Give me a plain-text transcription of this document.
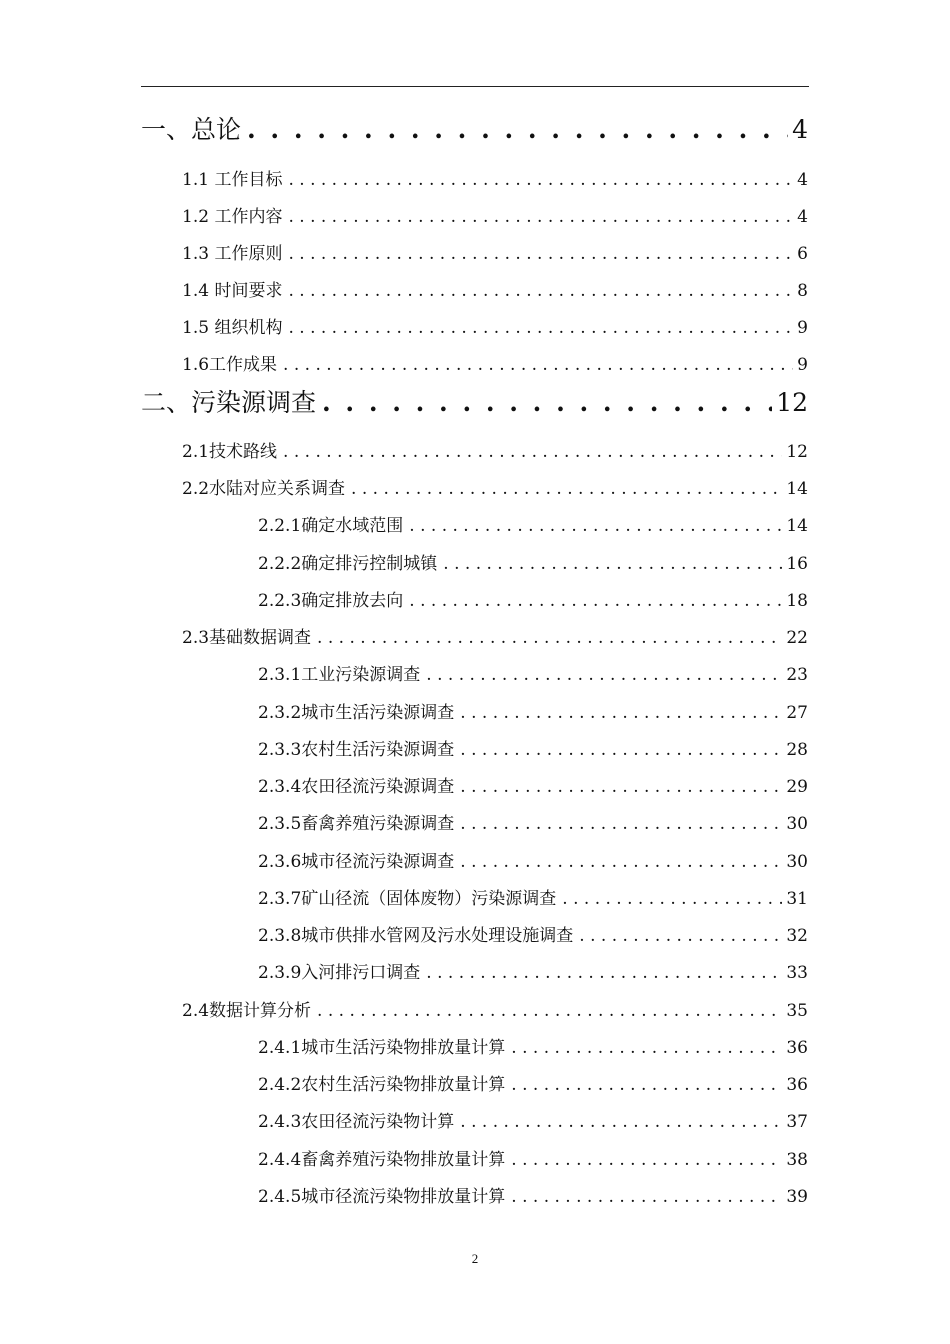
一、总论 . . .	4
1.1 工作目标 . . .	4
1.2 工作内容 . . .	4
1.3 工作原则 . . .	6
1.4 时间要求 . . .	8
1.5 组织机构 . . .	9
1.6工作成果 . . .	9
二、污染源调查 . . .	12
2.1技术路线 . . .	12
2.2水陆对应关系调查 . . .	14
2.2.1确定水域范围 . . .	14
2.2.2确定排污控制城镇 . . .	16
2.2.3确定排放去向 . . .	18
2.3基础数据调查 . . .	22
2.3.1工业污染源调查 . . .	23
2.3.2城市生活污染源调查 . . .	27
2.3.3农村生活污染源调查 . . .	28
2.3.4农田径流污染源调查 . . .	29
2.3.5畜禽养殖污染源调查 . . .	30
2.3.6城市径流污染源调查 . . .	30
2.3.7矿山径流（固体废物）污染源调查 . . .	31
2.3.8城市供排水管网及污水处理设施调查 . . .	32
2.3.9入河排污口调查 . . .	33
2.4数据计算分析 . . .	35
2.4.1城市生活污染物排放量计算 . . .	36
2.4.2农村生活污染物排放量计算 . . .	36
2.4.3农田径流污染物计算 . . .	37
2.4.4畜禽养殖污染物排放量计算 . . .	38
2.4.5城市径流污染物排放量计算 . . .	39
2
